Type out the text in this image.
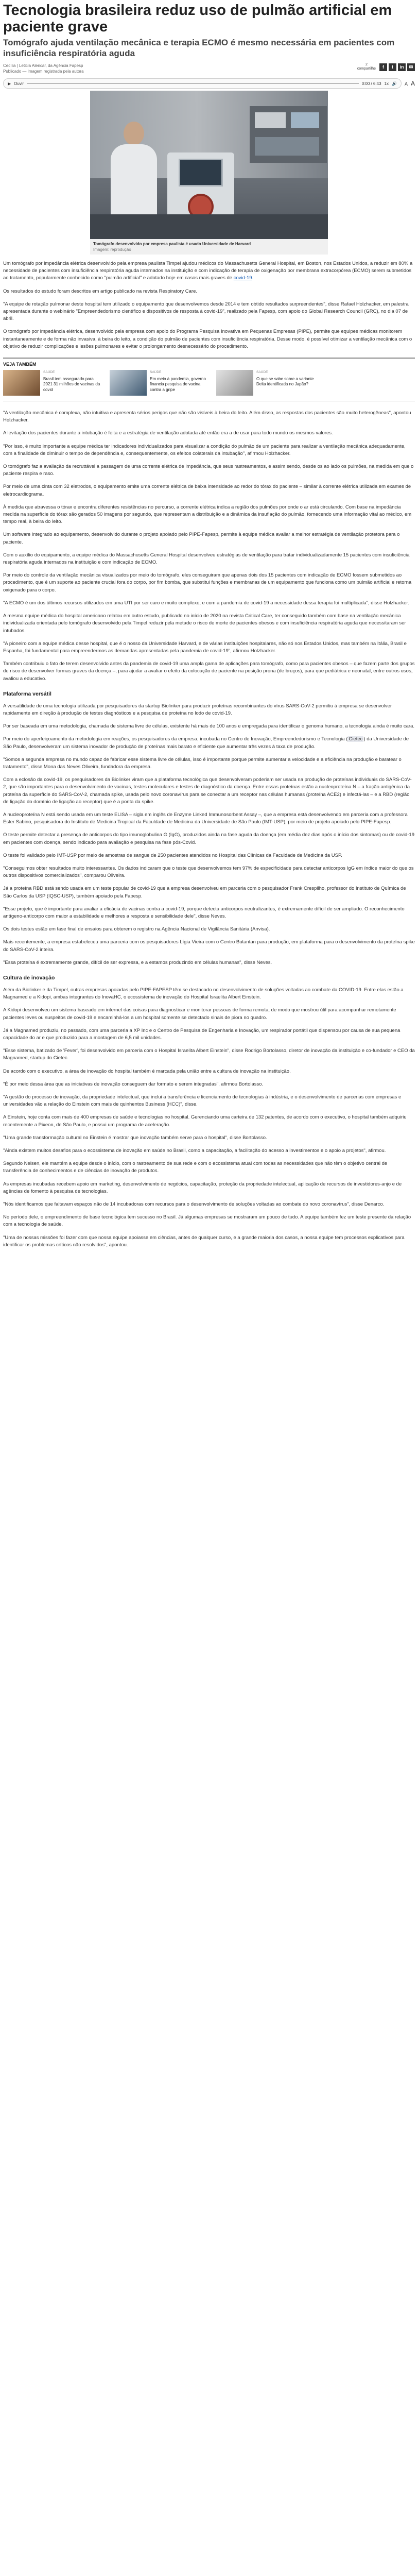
Tecnologia brasileira reduz uso de pulmão artificial em paciente grave
Tomógrafo ajuda ventilação mecânica e terapia ECMO é mesmo necessária em pacientes com insuficiência respiratória aguda
Cecília | Leticia Alencar, da Agência Fapesp
Publicado — Imagem registrada pela autora
2
compartilhe	f	t	in	✉
▶ Ouvir	0:00 / 6:43 1x 🔊 A A
Tomógrafo desenvolvido por empresa paulista é usado Universidade de Harvard
Imagem: reprodução

Um tomógrafo por impedância elétrica desenvolvido pela empresa paulista Timpel ajudou médicos do Massachusetts General Hospital, em Boston, nos Estados Unidos, a reduzir em 80% a necessidade de pacientes com insuficiência respiratória aguda internados na instituição e com indicação de terapia de oxigenação por membrana extracorpórea (ECMO) serem submetidos ao tratamento, popularmente conhecido como "pulmão artificial" e adotado hoje em casos mais graves de covid-19.

Os resultados do estudo foram descritos em artigo publicado na revista Respiratory Care.

"A equipe de rotação pulmonar deste hospital tem utilizado o equipamento que desenvolvemos desde 2014 e tem obtido resultados surpreendentes", disse Rafael Holzhacker, em palestra apresentada durante o webinário "Empreendedorismo científico e dispositivos de resposta à covid-19", realizado pela Fapesp, com apoio do Global Research Council (GRC), no dia 07 de abril.

O tomógrafo por impedância elétrica, desenvolvido pela empresa com apoio do Programa Pesquisa Inovativa em Pequenas Empresas (PIPE), permite que equipes médicas monitorem instantaneamente e de forma não invasiva, à beira do leito, a condição do pulmão de pacientes com insuficiência respiratória. Desse modo, é possível otimizar a ventilação mecânica com o objetivo de reduzir complicações e lesões pulmonares e evitar o prolongamento desnecessário do procedimento.

VEJA TAMBÉM
SAÚDE
Brasil tem assegurado para 2021 31 milhões de vacinas da covid
SAÚDE
Em meio à pandemia, governo financia pesquisa de vacina contra a gripe
SAÚDE
O que se sabe sobre a variante Delta identificada no Japão?

"A ventilação mecânica é complexa, não intuitiva e apresenta sérios perigos que não são visíveis à beira do leito. Além disso, as respostas dos pacientes são muito heterogêneas", apontou Holzhacker.

A levitação dos pacientes durante a intubação é feita e a estratégia de ventilação adotada até então era a de usar para todo mundo os mesmos valores.

"Por isso, é muito importante a equipe médica ter indicadores individualizados para visualizar a condição do pulmão de um paciente para realizar a ventilação mecânica adequadamente, com a finalidade de diminuir o tempo de dependência e, consequentemente, os efeitos colaterais da intubação", afirmou Holzhacker.

O tomógrafo faz a avaliação da recruttável a passagem de uma corrente elétrica de impedância, que seus rastreamentos, e assim sendo, desde os ao lado os pulmões, na medida em que o paciente respira e raso.

Por meio de uma cinta com 32 eletrodos, o equipamento emite uma corrente elétrica de baixa intensidade ao redor do tórax do paciente – similar à corrente elétrica utilizada em exames de eletrocardiograma.

À medida que atravessa o tórax e encontra diferentes resistências no percurso, a corrente elétrica indica a região dos pulmões por onde o ar está circulando. Com base na impedância medida na superfície do tórax são gerados 50 imagens por segundo, que representam a distribuição e a dinâmica da insuflação do pulmão, fornecendo uma informação vital ao médico, em tempo real, à beira do leito.

Um software integrado ao equipamento, desenvolvido durante o projeto apoiado pelo PIPE-Fapesp, permite à equipe médica avaliar a melhor estratégia de ventilação protetora para o paciente.

Com o auxílio do equipamento, a equipe médica do Massachusetts General Hospital desenvolveu estratégias de ventilação para tratar individualizadamente 15 pacientes com insuficiência respiratória aguda internados na instituição e com indicação de ECMO.

Por meio do controle da ventilação mecânica visualizados por meio do tomógrafo, eles conseguiram que apenas dois dos 15 pacientes com indicação de ECMO fossem submetidos ao procedimento, que é um suporte ao paciente crucial fora do corpo, por fim bomba, que substitui funções e membranas de um equipamento que funciona como um pulmão artificial e retorna oxigenado para o corpo.

"A ECMO é um dos últimos recursos utilizados em uma UTI por ser caro e muito complexo, e com a pandemia de covid-19 a necessidade dessa terapia foi multiplicada", disse Holzhacker.

A mesma equipe médica do hospital americano relatou em outro estudo, publicado no início de 2020 na revista Critical Care, ter conseguido também com base na ventilação mecânica individualizada orientada pelo tomógrafo desenvolvido pela Timpel reduzir pela metade o risco de morte de pacientes obesos e com insuficiência respiratória aguda que necessitaram ser intubados.

"A pioneiro com a equipe médica desse hospital, que é o nosso da Universidade Harvard, e de várias instituições hospitalares, não só nos Estados Unidos, mas também na Itália, Brasil e Espanha, foi fundamental para empreendermos as demandas apresentadas pela pandemia de covid-19", afirmou Holzhacker.

Também contribuiu o fato de terem desenvolvido antes da pandemia de covid-19 uma ampla gama de aplicações para tomógrafo, como para pacientes obesos – que fazem parte dos grupos de risco de desenvolver formas graves da doença –, para ajudar a avaliar o efeito da colocação de paciente na posição prona (de bruços), para que pediátrica e neonatal, entre outros usos, avaliou a educativo.

Plataforma versátil

A versatilidade de uma tecnologia utilizada por pesquisadores da startup Biolinker para produzir proteínas recombinantes do vírus SARS-CoV-2 permitiu à empresa se desenvolver rapidamente em direção à produção de testes diagnósticos e a pesquisa de proteína no lodo de covid-19.

Por ser baseada em uma metodologia, chamada de sistema livre de células, existente há mais de 100 anos e empregada para identificar o genoma humano, a tecnologia ainda é muito cara.

Por meio do aperfeiçoamento da metodologia em reações, os pesquisadores da empresa, incubada no Centro de Inovação, Empreendedorismo e Tecnologia ( Cietec ) da Universidade de São Paulo, desenvolveram um sistema inovador de produção de proteínas mais barato e eficiente que aumentar três vezes à taxa de produção.

"Somos a segunda empresa no mundo capaz de fabricar esse sistema livre de células, isso é importante porque permite aumentar a velocidade e a eficiência na produção e baratear o tratamento", disse Mona das Neves Oliveira, fundadora da empresa.

Com a eclosão da covid-19, os pesquisadores da Biolinker viram que a plataforma tecnológica que desenvolveram poderiam ser usada na produção de proteínas individuais do SARS-CoV-2, que são importantes para o desenvolvimento de vacinas, testes moleculares e testes de diagnóstico da doença. Entre essas proteínas estão a nucleoproteína N – a fração antigênica da proteína da superfície do SARS-CoV-2, chamada spike, usada pelo novo coronavírus para se conectar a um receptor nas células humanas (proteína ACE2) e infectá-las – e a RBD (região de ligação do domínio de ligação ao receptor) que é a ponta da spike.

A nucleoproteína N está sendo usada em um teste ELISA – sigla em inglês de Enzyme Linked Immunosorbent Assay –, que a empresa está desenvolvendo em parceria com a professora Ester Sabino, pesquisadora do Instituto de Medicina Tropical da Faculdade de Medicina da Universidade de São Paulo (IMT-USP), por meio de projeto apoiado pelo PIPE-Fapesp.

O teste permite detectar a presença de anticorpos do tipo imunoglobulina G (IgG), produzidos ainda na fase aguda da doença (em média dez dias após o início dos sintomas) ou de covid-19 em pacientes com doença, sendo indicado para avaliação e pesquisa na fase pós-Covid.

O teste foi validado pelo IMT-USP por meio de amostras de sangue de 250 pacientes atendidos no Hospital das Clínicas da Faculdade de Medicina da USP.

"Conseguimos obter resultados muito interessantes. Os dados indicaram que o teste que desenvolvemos tem 97% de especificidade para detectar anticorpos IgG em índice maior do que os outros dispositivos comercializados", comparou Oliveira.

Já a proteína RBD está sendo usada em um teste popular de covid-19 que a empresa desenvolveu em parceria com o pesquisador Frank Crespilho, professor do Instituto de Química de São Carlos da USP (IQSC-USP), também apoiado pela Fapesp.

"Esse projeto, que é importante para avaliar a eficácia de vacinas contra a covid-19, porque detecta anticorpos neutralizantes, é extremamente difícil de ser ampliado. O reconhecimento antígeno-anticorpo com maior a estabilidade e melhores a resposta e sensibilidade dele", disse Neves.

Os dois testes estão em fase final de ensaios para obterem o registro na Agência Nacional de Vigilância Sanitária (Anvisa).

Mais recentemente, a empresa estabeleceu uma parceria com os pesquisadores Lígia Vieira com o Centro Butantan para produção, em plataforma para o desenvolvimento da proteína spike do SARS-CoV-2 inteira.

"Essa proteína é extremamente grande, difícil de ser expressa, e a estamos produzindo em células humanas", disse Neves.

Cultura de inovação

Além da Biolinker e da Timpel, outras empresas apoiadas pelo PIPE-FAPESP têm se destacado no desenvolvimento de soluções voltadas ao combate da COVID-19. Entre elas estão a Magnamed e a Kidopi, ambas integrantes do InovaHC, o ecossistema de inovação do Hospital Israelita Albert Einstein.

A Kidopi desenvolveu um sistema baseado em internet das coisas para diagnosticar e monitorar pessoas de forma remota, de modo que mostrou útil para acompanhar remotamente pacientes leves ou suspeitos de covid-19 e encaminhá-los a um hospital somente se detectado sinais de piora no quadro.

Já a Magnamed produziu, no passado, com uma parceria a XP Inc e o Centro de Pesquisa de Engenharia e Inovação, um respirador portátil que dispensou por causa de sua pequena capacidade do ar e que produzido para a montagem de 6,5 mil unidades.

"Esse sistema, batizado de 'Fever', foi desenvolvido em parceria com o Hospital Israelita Albert Einstein", disse Rodrigo Bortolasso, diretor de inovação da instituição e co-fundador e CEO da Magnamed, startup do Cietec.

De acordo com o executivo, a área de inovação do hospital também é marcada pela união entre a cultura de inovação na instituição.

"É por meio dessa área que as iniciativas de inovação conseguem dar formato e serem integradas", afirmou Bortolasso.

"A gestão do processo de inovação, da propriedade intelectual, que inclui a transferência e licenciamento de tecnologias à indústria, e o desenvolvimento de parcerias com empresas e universidades vão a relação do Einstein com mais de quinhentos Business (HCC)", disse.

A Einstein, hoje conta com mais de 400 empresas de saúde e tecnologias no hospital. Gerenciando uma carteira de 132 patentes, de acordo com o executivo, o hospital também adquiriu recentemente a Pixeon, de São Paulo, e possui um programa de aceleração.

"Uma grande transformação cultural no Einstein é mostrar que inovação também serve para o hospital", disse Bortolasso.

"Ainda existem muitos desafios para o ecossistema de inovação em saúde no Brasil, como a capacitação, a facilitação do acesso a investimentos e o apoio a projetos", afirmou.

Segundo Nelsen, ele mantém a equipe desde o início, com o rastreamento de sua rede e com o ecossistema atual com todas as necessidades que não têm o objetivo central de transferência de conhecimentos e de ciências de inovação de produtos.

As empresas incubadas recebem apoio em marketing, desenvolvimento de negócios, capacitação, proteção da propriedade intelectual, aplicação de recursos de investidores-anjo e de agências de fomento à pesquisa de tecnologias.

"Nós identificamos que faltavam espaços não de 14 incubadoras com recursos para o desenvolvimento de soluções voltadas ao combate do novo coronavírus", disse Denarco.

No período dele, o empreendimento de base tecnológica tem sucesso no Brasil. Já algumas empresas se mostraram um pouco de tudo. A equipe também fez um teste presente da relação com a tecnologia de saúde.

"Uma de nossas missões foi fazer com que nossa equipe apoiasse em ciências, antes de qualquer curso, e a grande maioria dos casos, a nossa equipe tem processos explicativos para identificar os problemas críticos não resolvidos", apontou.
